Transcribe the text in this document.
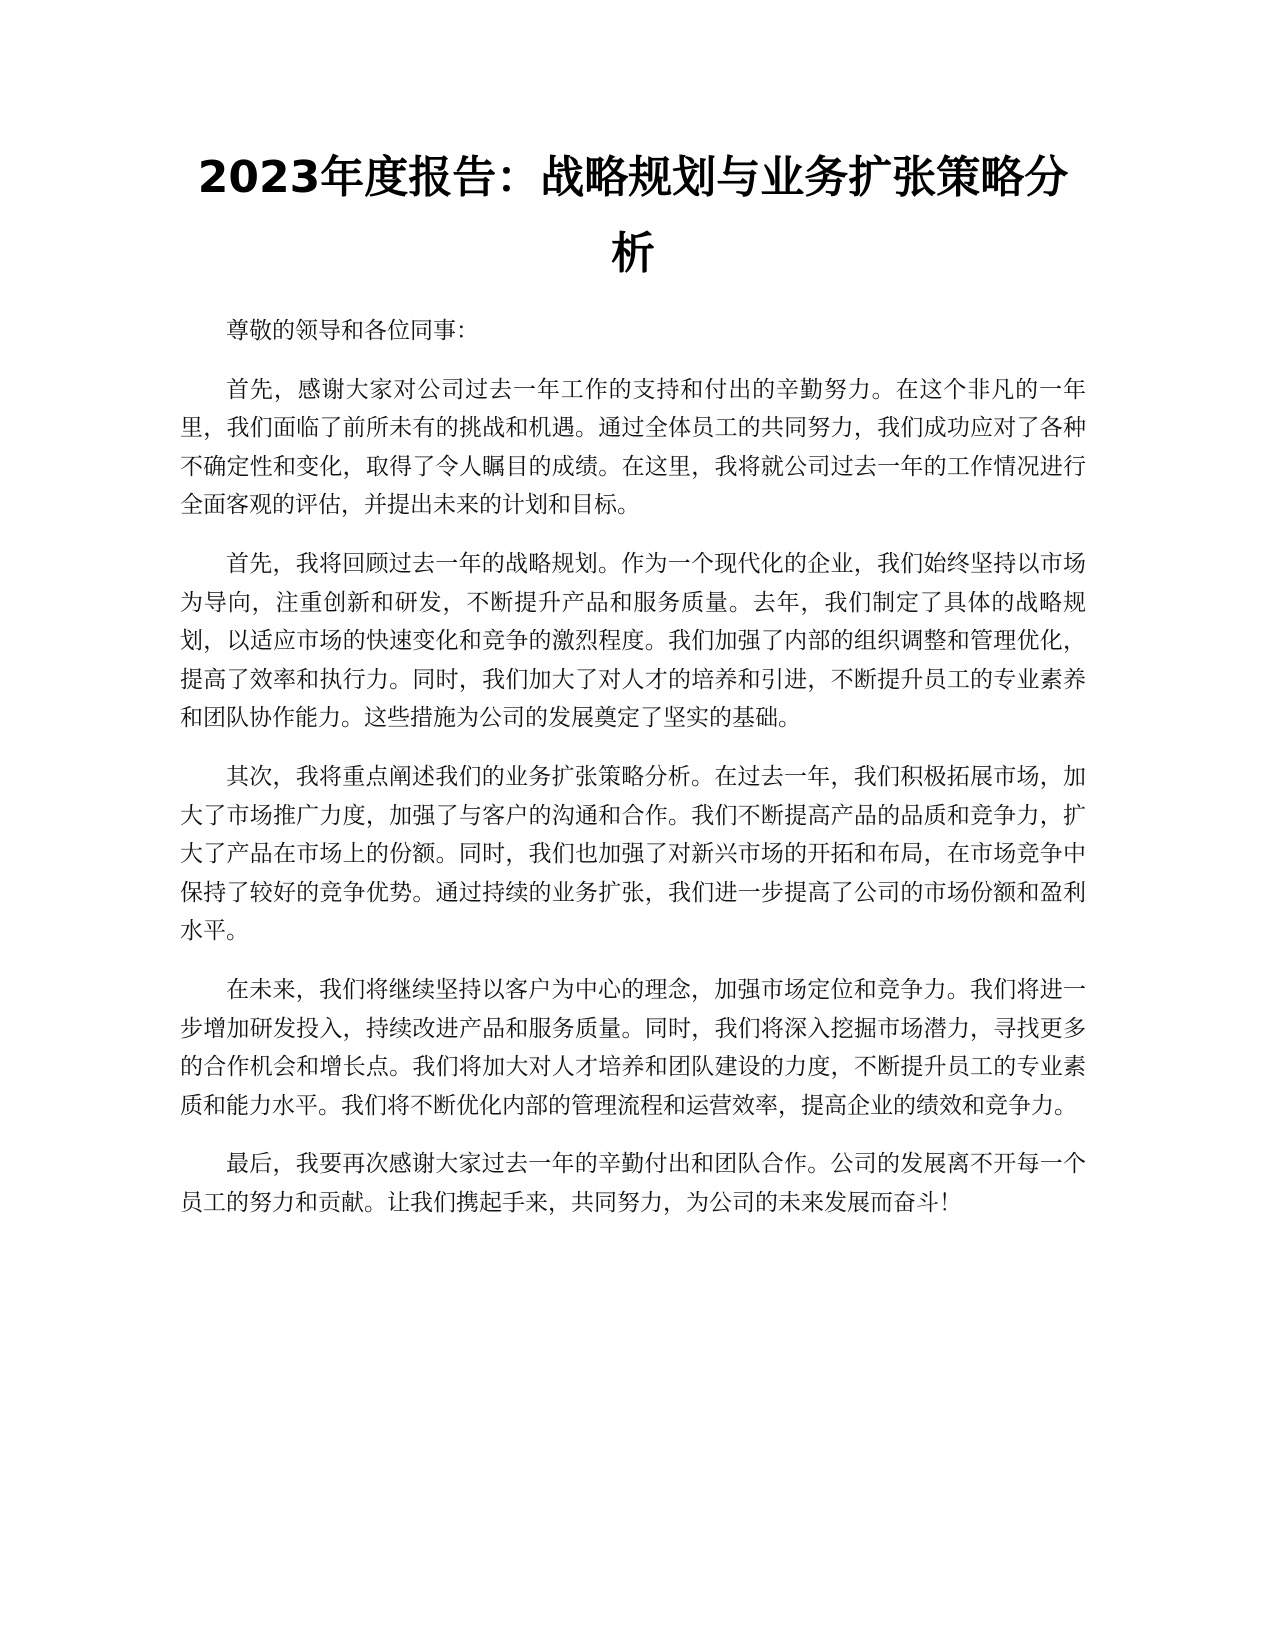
2023年度报告：战略规划与业务扩张策略分析

尊敬的领导和各位同事：

首先，感谢大家对公司过去一年工作的支持和付出的辛勤努力。在这个非凡的一年里，我们面临了前所未有的挑战和机遇。通过全体员工的共同努力，我们成功应对了各种不确定性和变化，取得了令人瞩目的成绩。在这里，我将就公司过去一年的工作情况进行全面客观的评估，并提出未来的计划和目标。

首先，我将回顾过去一年的战略规划。作为一个现代化的企业，我们始终坚持以市场为导向，注重创新和研发，不断提升产品和服务质量。去年，我们制定了具体的战略规划，以适应市场的快速变化和竞争的激烈程度。我们加强了内部的组织调整和管理优化，提高了效率和执行力。同时，我们加大了对人才的培养和引进，不断提升员工的专业素养和团队协作能力。这些措施为公司的发展奠定了坚实的基础。

其次，我将重点阐述我们的业务扩张策略分析。在过去一年，我们积极拓展市场，加大了市场推广力度，加强了与客户的沟通和合作。我们不断提高产品的品质和竞争力，扩大了产品在市场上的份额。同时，我们也加强了对新兴市场的开拓和布局，在市场竞争中保持了较好的竞争优势。通过持续的业务扩张，我们进一步提高了公司的市场份额和盈利水平。

在未来，我们将继续坚持以客户为中心的理念，加强市场定位和竞争力。我们将进一步增加研发投入，持续改进产品和服务质量。同时，我们将深入挖掘市场潜力，寻找更多的合作机会和增长点。我们将加大对人才培养和团队建设的力度，不断提升员工的专业素质和能力水平。我们将不断优化内部的管理流程和运营效率，提高企业的绩效和竞争力。

最后，我要再次感谢大家过去一年的辛勤付出和团队合作。公司的发展离不开每一个员工的努力和贡献。让我们携起手来，共同努力，为公司的未来发展而奋斗！
